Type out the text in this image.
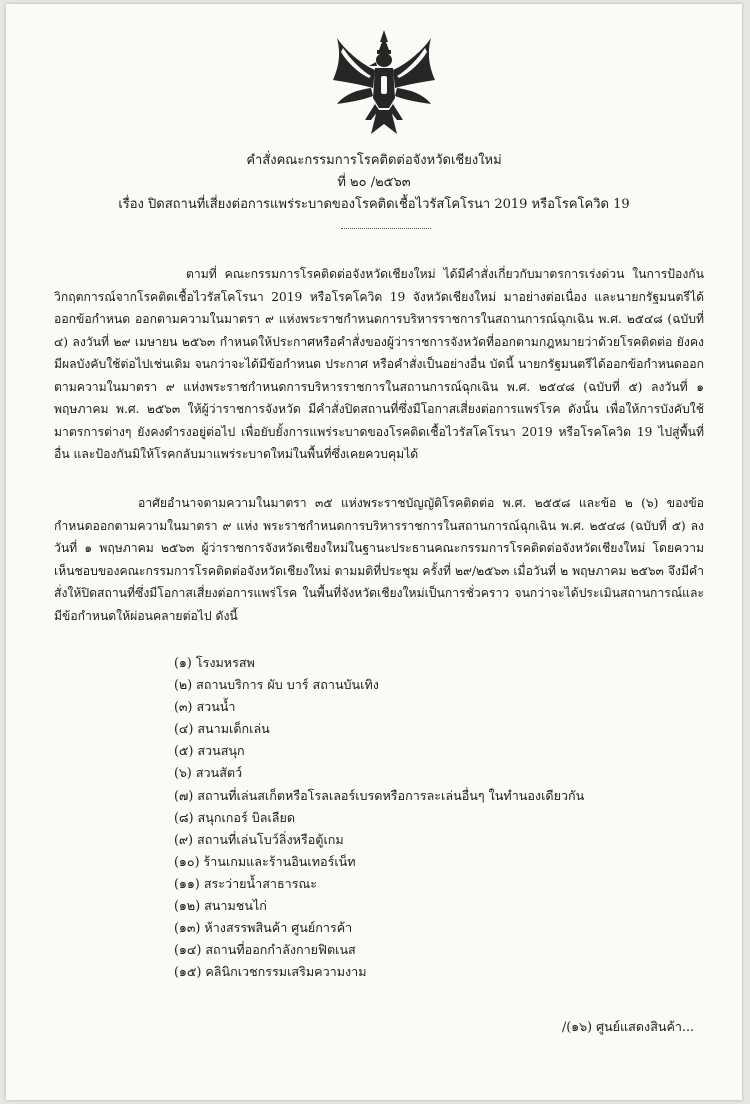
คำสั่งคณะกรรมการโรคติดต่อจังหวัดเชียงใหม่
ที่ ๒๐ /๒๕๖๓
เรื่อง ปิดสถานที่เสี่ยงต่อการแพร่ระบาดของโรคติดเชื้อไวรัสโคโรนา 2019 หรือโรคโควิด 19
ตามที่ คณะกรรมการโรคติดต่อจังหวัดเชียงใหม่ ได้มีคำสั่งเกี่ยวกับมาตรการเร่งด่วน ในการป้องกันวิกฤตการณ์จากโรคติดเชื้อไวรัสโคโรนา 2019 หรือโรคโควิด 19 จังหวัดเชียงใหม่ มาอย่างต่อเนื่อง และนายกรัฐมนตรีได้ออกข้อกำหนด ออกตามความในมาตรา ๙ แห่งพระราชกำหนดการบริหารราชการในสถานการณ์ฉุกเฉิน พ.ศ. ๒๕๔๘ (ฉบับที่ ๔) ลงวันที่ ๒๙ เมษายน ๒๕๖๓ กำหนดให้ประกาศหรือคำสั่งของผู้ว่าราชการจังหวัดที่ออกตามกฎหมายว่าด้วยโรคติดต่อ ยังคงมีผลบังคับใช้ต่อไปเช่นเดิม จนกว่าจะได้มีข้อกำหนด ประกาศ หรือคำสั่งเป็นอย่างอื่น บัดนี้ นายกรัฐมนตรีได้ออกข้อกำหนดออกตามความในมาตรา ๙ แห่งพระราชกำหนดการบริหารราชการในสถานการณ์ฉุกเฉิน พ.ศ. ๒๕๔๘ (ฉบับที่ ๕) ลงวันที่ ๑ พฤษภาคม พ.ศ. ๒๕๖๓ ให้ผู้ว่าราชการจังหวัด มีคำสั่งปิดสถานที่ซึ่งมีโอกาสเสี่ยงต่อการแพร่โรค ดังนั้น เพื่อให้การบังคับใช้มาตรการต่างๆ ยังคงดำรงอยู่ต่อไป เพื่อยับยั้งการแพร่ระบาดของโรคติดเชื้อไวรัสโคโรนา 2019 หรือโรคโควิด 19 ไปสู่พื้นที่อื่น และป้องกันมิให้โรคกลับมาแพร่ระบาดใหม่ในพื้นที่ซึ่งเคยควบคุมได้
อาศัยอำนาจตามความในมาตรา ๓๕ แห่งพระราชบัญญัติโรคติดต่อ พ.ศ. ๒๕๕๘ และข้อ ๒ (๖) ของข้อกำหนดออกตามความในมาตรา ๙ แห่ง พระราชกำหนดการบริหารราชการในสถานการณ์ฉุกเฉิน พ.ศ. ๒๕๔๘ (ฉบับที่ ๕) ลงวันที่ ๑ พฤษภาคม ๒๕๖๓ ผู้ว่าราชการจังหวัดเชียงใหม่ในฐานะประธานคณะกรรมการโรคติดต่อจังหวัดเชียงใหม่ โดยความเห็นชอบของคณะกรรมการโรคติดต่อจังหวัดเชียงใหม่ ตามมติที่ประชุม ครั้งที่ ๒๙/๒๕๖๓ เมื่อวันที่ ๒ พฤษภาคม ๒๕๖๓ จึงมีคำสั่งให้ปิดสถานที่ซึ่งมีโอกาสเสี่ยงต่อการแพร่โรค ในพื้นที่จังหวัดเชียงใหม่เป็นการชั่วคราว จนกว่าจะได้ประเมินสถานการณ์และมีข้อกำหนดให้ผ่อนคลายต่อไป ดังนี้
(๑) โรงมหรสพ
(๒) สถานบริการ ผับ บาร์ สถานบันเทิง
(๓) สวนน้ำ
(๔) สนามเด็กเล่น
(๕) สวนสนุก
(๖) สวนสัตว์
(๗) สถานที่เล่นสเก็ตหรือโรลเลอร์เบรดหรือการละเล่นอื่นๆ ในทำนองเดียวกัน
(๘) สนุกเกอร์ บิลเลียด
(๙) สถานที่เล่นโบว์ลิ่งหรือตู้เกม
(๑๐) ร้านเกมและร้านอินเทอร์เน็ท
(๑๑) สระว่ายน้ำสาธารณะ
(๑๒) สนามชนไก่
(๑๓) ห้างสรรพสินค้า ศูนย์การค้า
(๑๔) สถานที่ออกกำลังกายฟิตเนส
(๑๕) คลินิกเวชกรรมเสริมความงาม
/(๑๖) ศูนย์แสดงสินค้า...
